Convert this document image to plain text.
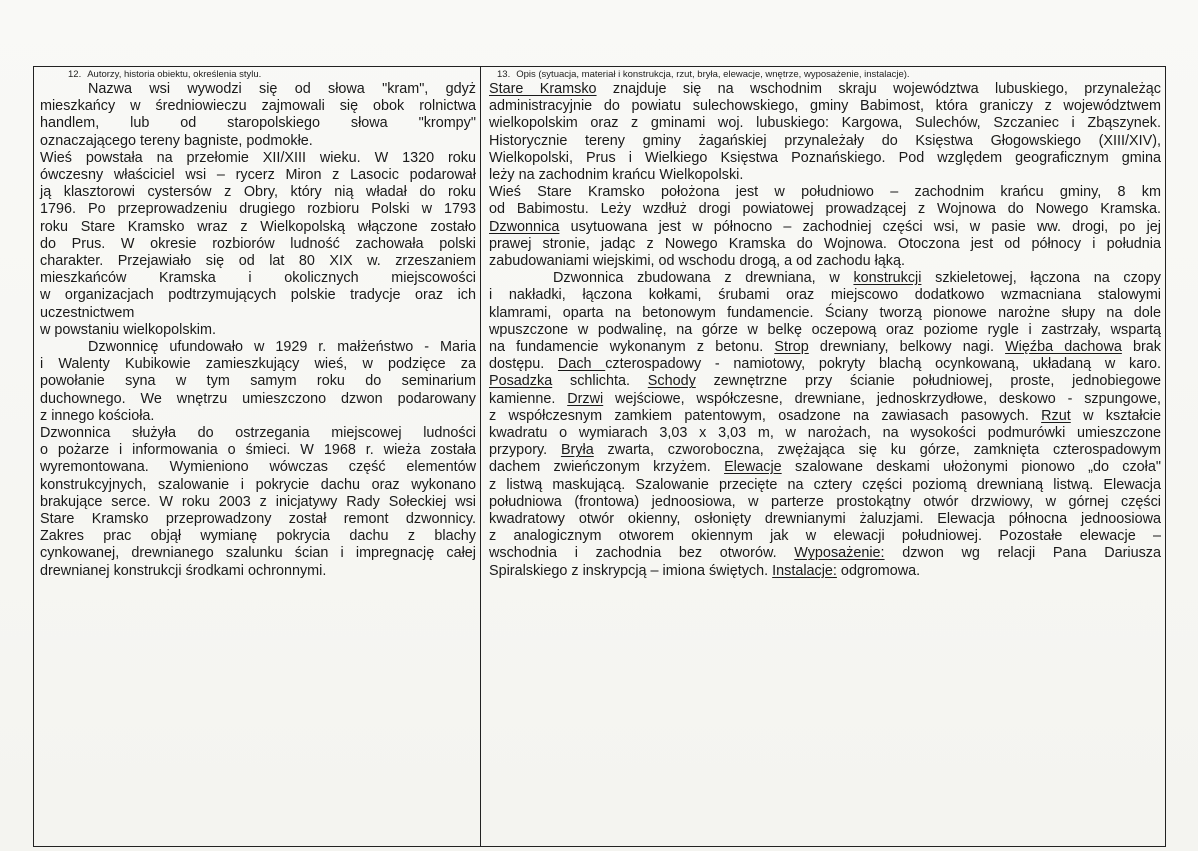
12. Autorzy, historia obiektu, określenia stylu.

Nazwa wsi wywodzi się od słowa "kram", gdyż

mieszkańcy w średniowieczu zajmowali się obok rolnictwa

handlem, lub od staropolskiego słowa "krompy"

oznaczającego tereny bagniste, podmokłe.

Wieś powstała na przełomie XII/XIII wieku. W 1320 roku

ówczesny właściciel wsi – rycerz Miron z Lasocic podarował

ją klasztorowi cystersów z Obry, który nią władał do roku

1796. Po przeprowadzeniu drugiego rozbioru Polski w 1793

roku Stare Kramsko wraz z Wielkopolską włączone zostało

do Prus. W okresie rozbiorów ludność zachowała polski

charakter. Przejawiało się od lat 80 XIX w. zrzeszaniem

mieszkańców Kramska i okolicznych miejscowości

w organizacjach podtrzymujących polskie tradycje oraz ich

uczestnictwem

w powstaniu wielkopolskim.

Dzwonnicę ufundowało w 1929 r. małżeństwo - Maria

i Walenty Kubikowie zamieszkujący wieś, w podzięce za

powołanie syna w tym samym roku do seminarium

duchownego. We wnętrzu umieszczono dzwon podarowany

z innego kościoła.

Dzwonnica służyła do ostrzegania miejscowej ludności

o pożarze i informowania o śmieci. W 1968 r. wieża została

wyremontowana. Wymieniono wówczas część elementów

konstrukcyjnych, szalowanie i pokrycie dachu oraz wykonano

brakujące serce. W roku 2003 z inicjatywy Rady Sołeckiej wsi

Stare Kramsko przeprowadzony został remont dzwonnicy.

Zakres prac objął wymianę pokrycia dachu z blachy

cynkowanej, drewnianego szalunku ścian i impregnację całej

drewnianej konstrukcji środkami ochronnymi.

13. Opis (sytuacja, materiał i konstrukcja, rzut, bryła, elewacje, wnętrze, wyposażenie, instalacje).

Stare Kramsko znajduje się na wschodnim skraju województwa lubuskiego, przynależąc

administracyjnie do powiatu sulechowskiego, gminy Babimost, która graniczy z województwem

wielkopolskim oraz z gminami woj. lubuskiego: Kargowa, Sulechów, Szczaniec i Zbąszynek.

Historycznie tereny gminy żagańskiej przynależały do Księstwa Głogowskiego (XIII/XIV),

Wielkopolski, Prus i Wielkiego Księstwa Poznańskiego. Pod względem geograficznym gmina

leży na zachodnim krańcu Wielkopolski.

Wieś Stare Kramsko położona jest w południowo – zachodnim krańcu gminy, 8 km

od Babimostu. Leży wzdłuż drogi powiatowej prowadzącej z Wojnowa do Nowego Kramska.

Dzwonnica usytuowana jest w północno – zachodniej części wsi, w pasie ww. drogi, po jej

prawej stronie, jadąc z Nowego Kramska do Wojnowa. Otoczona jest od północy i południa

zabudowaniami wiejskimi, od wschodu drogą, a od zachodu łąką.

Dzwonnica zbudowana z drewniana, w konstrukcji szkieletowej, łączona na czopy

i nakładki, łączona kołkami, śrubami oraz miejscowo dodatkowo wzmacniana stalowymi

klamrami, oparta na betonowym fundamencie. Ściany tworzą pionowe narożne słupy na dole

wpuszczone w podwalinę, na górze w belkę oczepową oraz poziome rygle i zastrzały, wspartą

na fundamencie wykonanym z betonu. Strop drewniany, belkowy nagi. Więźba dachowa brak

dostępu. Dach czterospadowy - namiotowy, pokryty blachą ocynkowaną, układaną w karo.

Posadzka schlichta. Schody zewnętrzne przy ścianie południowej, proste, jednobiegowe

kamienne. Drzwi wejściowe, współczesne, drewniane, jednoskrzydłowe, deskowo - szpungowe,

z współczesnym zamkiem patentowym, osadzone na zawiasach pasowych. Rzut w kształcie

kwadratu o wymiarach 3,03 x 3,03 m, w narożach, na wysokości podmurówki umieszczone

przypory. Bryła zwarta, czworoboczna, zwężająca się ku górze, zamknięta czterospadowym

dachem zwieńczonym krzyżem. Elewacje szalowane deskami ułożonymi pionowo „do czoła"

z listwą maskującą. Szalowanie przecięte na cztery części poziomą drewnianą listwą. Elewacja

południowa (frontowa) jednoosiowa, w parterze prostokątny otwór drzwiowy, w górnej części

kwadratowy otwór okienny, osłonięty drewnianymi żaluzjami. Elewacja północna jednoosiowa

z analogicznym otworem okiennym jak w elewacji południowej. Pozostałe elewacje –

wschodnia i zachodnia bez otworów. Wyposażenie: dzwon wg relacji Pana Dariusza

Spiralskiego z inskrypcją – imiona świętych. Instalacje: odgromowa.
